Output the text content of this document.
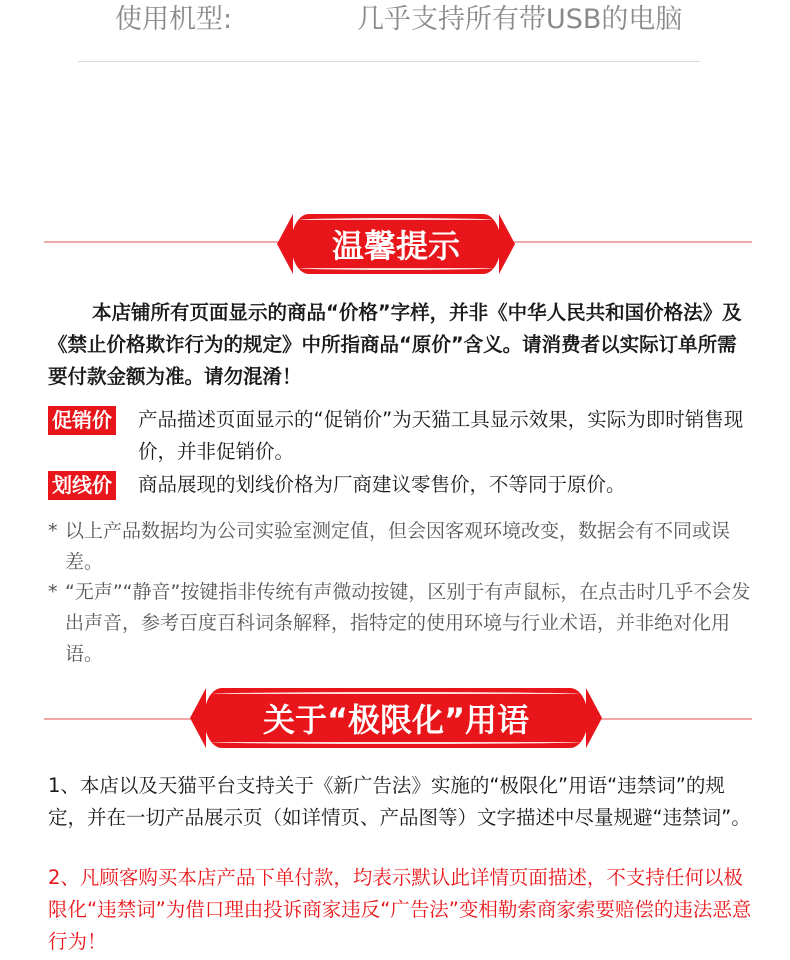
使用机型:	几乎支持所有带USB的电脑
温馨提示

本店铺所有页面显示的商品“价格”字样，并非《中华人民共和国价格法》及《禁止价格欺诈行为的规定》中所指商品“原价”含义。请消费者以实际订单所需要付款金额为准。请勿混淆！

促销价 产品描述页面显示的“促销价”为天猫工具显示效果，实际为即时销售现价，并非促销价。
划线价 商品展现的划线价格为厂商建议零售价，不等同于原价。
* 以上产品数据均为公司实验室测定值，但会因客观环境改变，数据会有不同或误差。
* “无声”“静音”按键指非传统有声微动按键，区别于有声鼠标，在点击时几乎不会发出声音，参考百度百科词条解释，指特定的使用环境与行业术语，并非绝对化用语。
关于“极限化”用语
1、本店以及天猫平台支持关于《新广告法》实施的“极限化”用语“违禁词”的规定，并在一切产品展示页（如详情页、产品图等）文字描述中尽量规避“违禁词”。
2、凡顾客购买本店产品下单付款，均表示默认此详情页面描述，不支持任何以极限化“违禁词”为借口理由投诉商家违反“广告法”变相勒索商家索要赔偿的违法恶意行为！
